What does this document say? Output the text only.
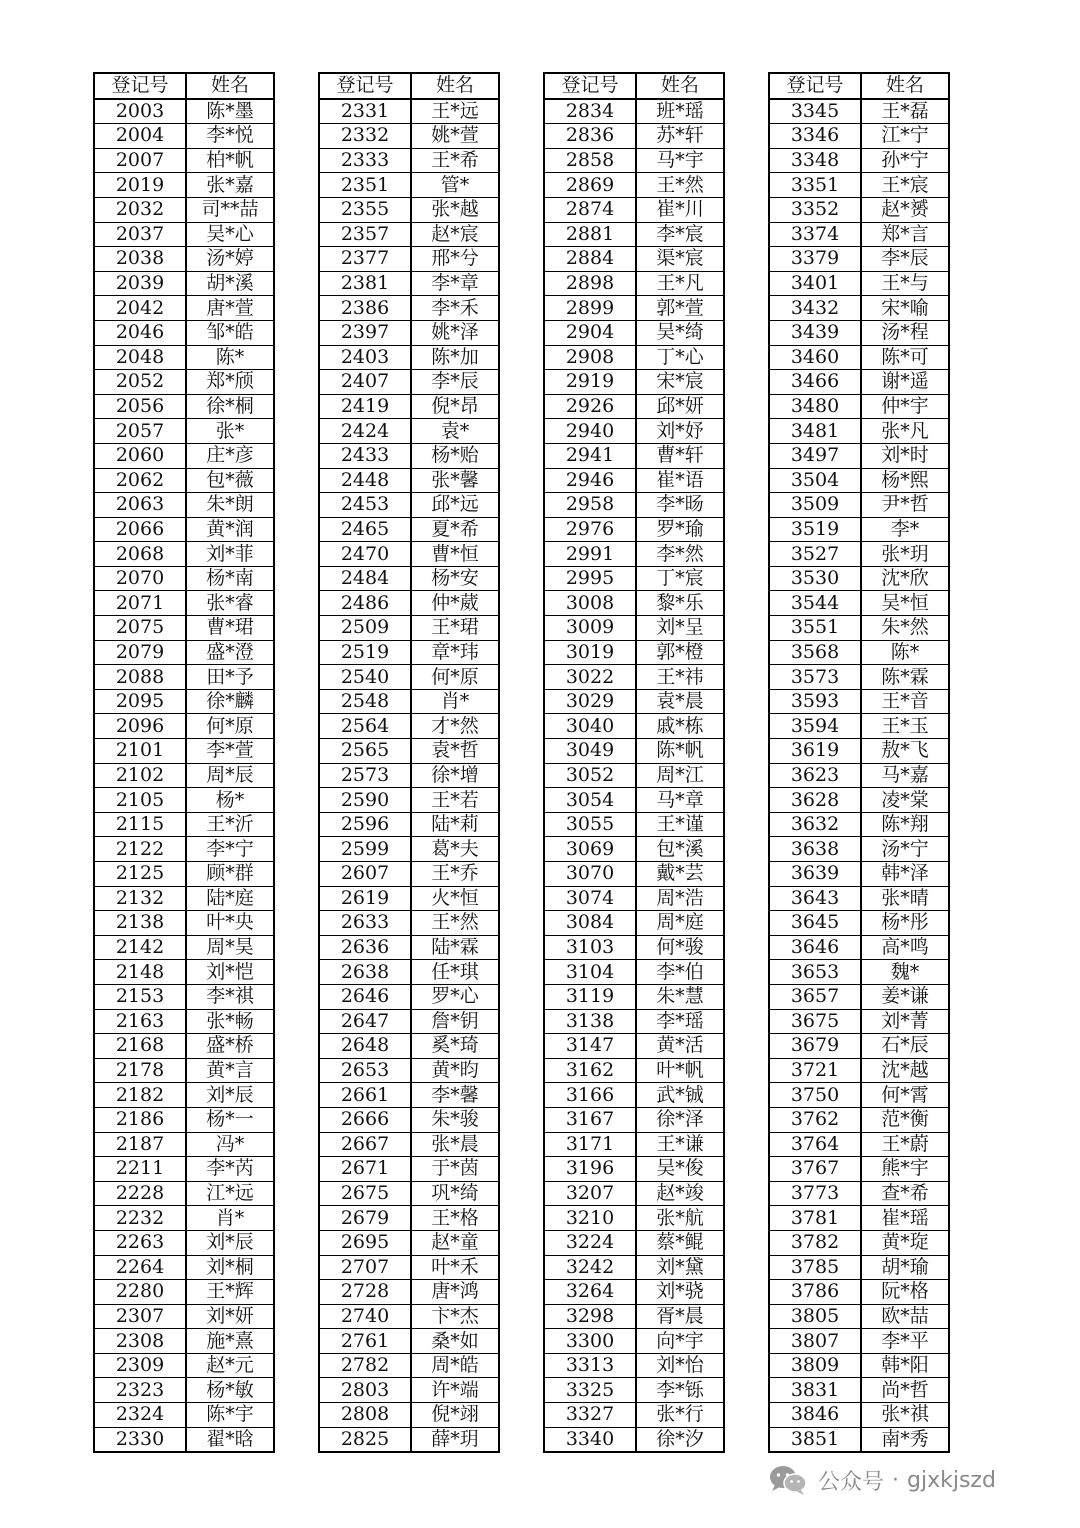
登记号	姓名
2003	陈*墨
2004	李*悦
2007	柏*帆
2019	张*嘉
2032	司**喆
2037	吴*心
2038	汤*婷
2039	胡*溪
2042	唐*萱
2046	邹*皓
2048	陈*
2052	郑*颀
2056	徐*桐
2057	张*
2060	庄*彦
2062	包*薇
2063	朱*朗
2066	黄*润
2068	刘*菲
2070	杨*南
2071	张*睿
2075	曹*珺
2079	盛*澄
2088	田*予
2095	徐*麟
2096	何*原
2101	李*萱
2102	周*辰
2105	杨*
2115	王*沂
2122	李*宁
2125	顾*群
2132	陆*庭
2138	叶*央
2142	周*昊
2148	刘*恺
2153	李*祺
2163	张*畅
2168	盛*桥
2178	黄*言
2182	刘*辰
2186	杨*一
2187	冯*
2211	李*芮
2228	江*远
2232	肖*
2263	刘*辰
2264	刘*桐
2280	王*辉
2307	刘*妍
2308	施*熹
2309	赵*元
2323	杨*敏
2324	陈*宇
2330	翟*晗
登记号	姓名
2331	王*远
2332	姚*萱
2333	王*希
2351	管*
2355	张*越
2357	赵*宸
2377	邢*兮
2381	李*章
2386	李*禾
2397	姚*泽
2403	陈*加
2407	李*辰
2419	倪*昂
2424	袁*
2433	杨*贻
2448	张*馨
2453	邱*远
2465	夏*希
2470	曹*恒
2484	杨*安
2486	仲*葳
2509	王*珺
2519	章*玮
2540	何*原
2548	肖*
2564	才*然
2565	袁*哲
2573	徐*增
2590	王*若
2596	陆*莉
2599	葛*夫
2607	王*乔
2619	火*恒
2633	王*然
2636	陆*霖
2638	任*琪
2646	罗*心
2647	詹*钥
2648	奚*琦
2653	黄*昀
2661	李*馨
2666	朱*骏
2667	张*晨
2671	于*茵
2675	巩*绮
2679	王*格
2695	赵*童
2707	叶*禾
2728	唐*鸿
2740	卞*杰
2761	桑*如
2782	周*皓
2803	许*端
2808	倪*翊
2825	薛*玥
登记号	姓名
2834	班*瑶
2836	苏*轩
2858	马*宇
2869	王*然
2874	崔*川
2881	李*宸
2884	渠*宸
2898	王*凡
2899	郭*萱
2904	吴*绮
2908	丁*心
2919	宋*宸
2926	邱*妍
2940	刘*妤
2941	曹*轩
2946	崔*语
2958	李*旸
2976	罗*瑜
2991	李*然
2995	丁*宸
3008	黎*乐
3009	刘*呈
3019	郭*橙
3022	王*祎
3029	袁*晨
3040	戚*栋
3049	陈*帆
3052	周*江
3054	马*章
3055	王*谨
3069	包*溪
3070	戴*芸
3074	周*浩
3084	周*庭
3103	何*骏
3104	李*伯
3119	朱*慧
3138	李*瑶
3147	黄*活
3162	叶*帆
3166	武*铖
3167	徐*泽
3171	王*谦
3196	吴*俊
3207	赵*竣
3210	张*航
3224	蔡*鲲
3242	刘*黛
3264	刘*骁
3298	胥*晨
3300	向*宇
3313	刘*怡
3325	李*铄
3327	张*行
3340	徐*汐
登记号	姓名
3345	王*磊
3346	江*宁
3348	孙*宁
3351	王*宸
3352	赵*赟
3374	郑*言
3379	李*辰
3401	王*与
3432	宋*喻
3439	汤*程
3460	陈*可
3466	谢*遥
3480	仲*宇
3481	张*凡
3497	刘*时
3504	杨*熙
3509	尹*哲
3519	李*
3527	张*玥
3530	沈*欣
3544	吴*恒
3551	朱*然
3568	陈*
3573	陈*霖
3593	王*音
3594	王*玉
3619	敖*飞
3623	马*嘉
3628	凌*棠
3632	陈*翔
3638	汤*宁
3639	韩*泽
3643	张*晴
3645	杨*彤
3646	高*鸣
3653	魏*
3657	姜*谦
3675	刘*菁
3679	石*辰
3721	沈*越
3750	何*霄
3762	范*衡
3764	王*蔚
3767	熊*宇
3773	查*希
3781	崔*瑶
3782	黄*琁
3785	胡*瑜
3786	阮*格
3805	欧*喆
3807	李*平
3809	韩*阳
3831	尚*哲
3846	张*祺
3851	南*秀
公众号 · gjxkjszd
